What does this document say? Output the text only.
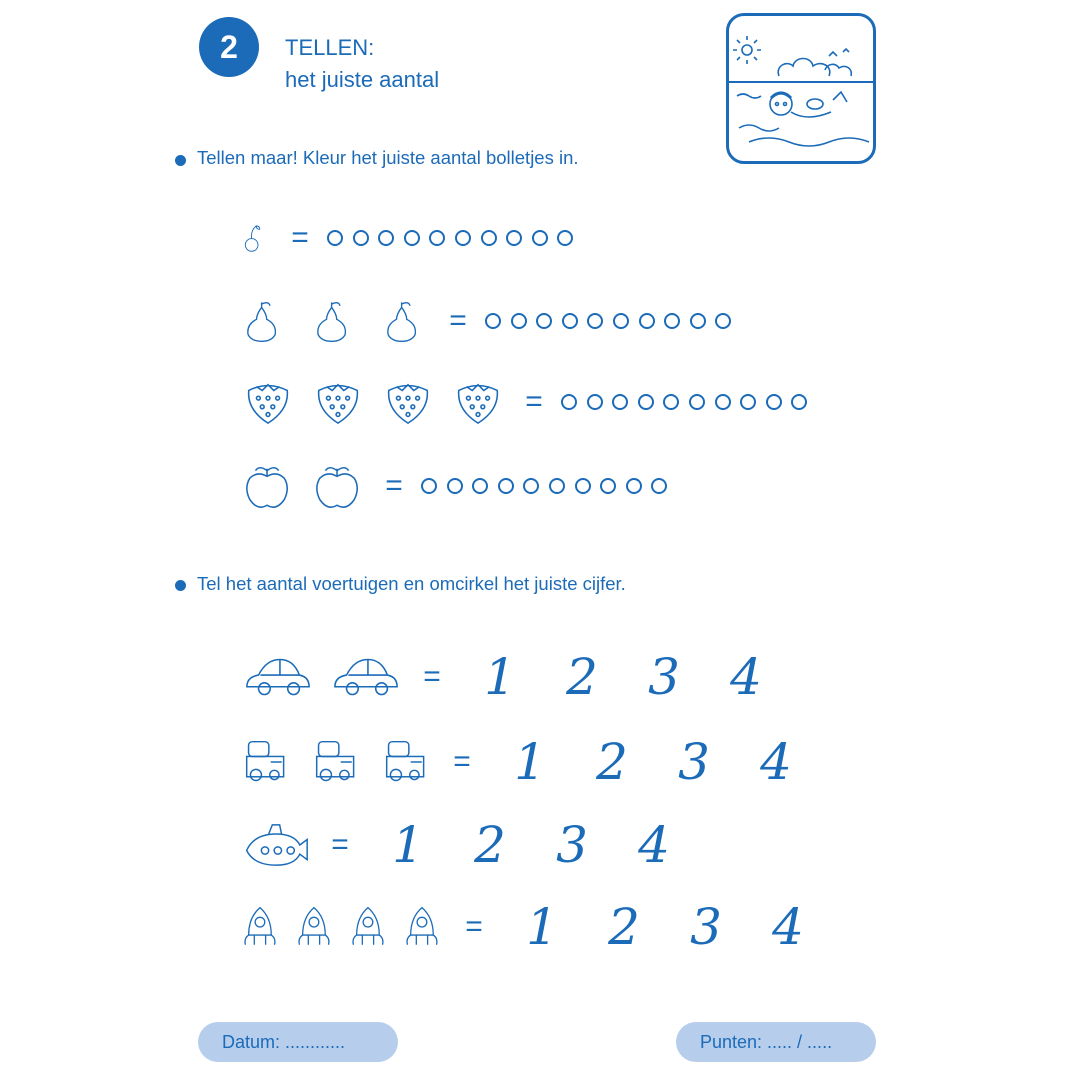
2	TELLEN:
het juiste aantal
Tellen maar! Kleur het juiste aantal bolletjes in.
=
=
=
=
Tel het aantal voertuigen en omcirkel het juiste cijfer.
= 1	2	3	4
= 1	2	3	4
= 1	2	3	4
= 1	2	3	4
Datum: ............	Punten: ..... / .....
